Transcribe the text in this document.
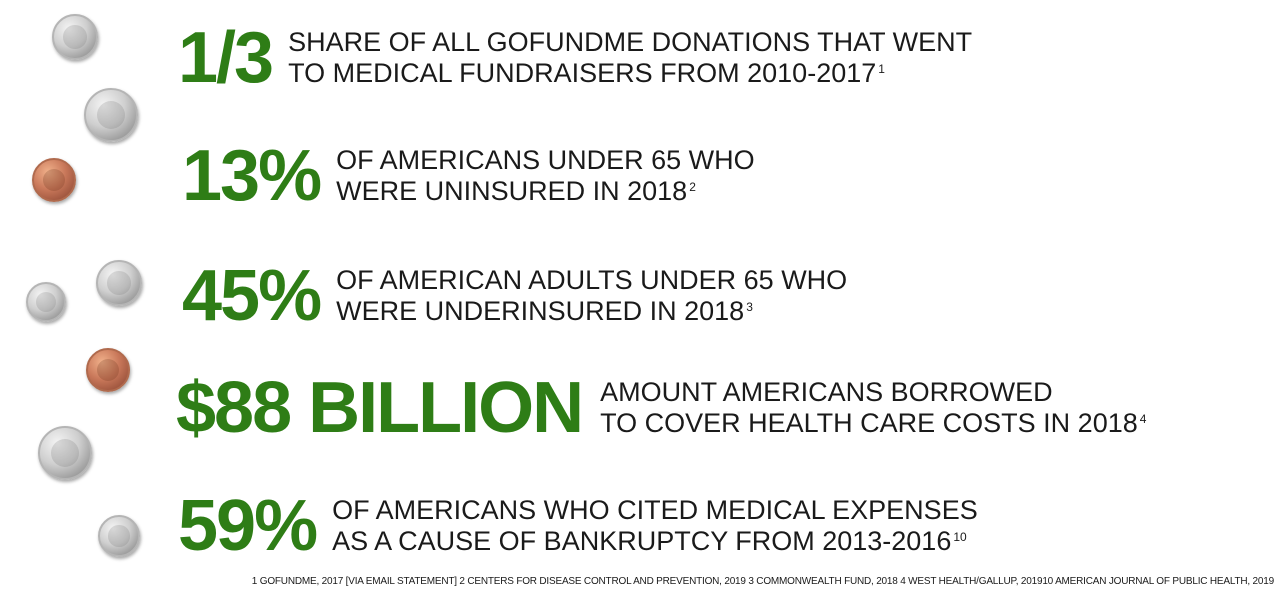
1/3 SHARE OF ALL GOFUNDME DONATIONS THAT WENT
TO MEDICAL FUNDRAISERS FROM 2010-2017 $^1$
13% OF AMERICANS UNDER 65 WHO
WERE UNINSURED IN 2018 $^2$
45% OF AMERICAN ADULTS UNDER 65 WHO
WERE UNDERINSURED IN 2018 $^3$
$88 BILLION AMOUNT AMERICANS BORROWED
TO COVER HEALTH CARE COSTS IN 2018 $^4$
59% OF AMERICANS WHO CITED MEDICAL EXPENSES
AS A CAUSE OF BANKRUPTCY FROM 2013-2016 $^{10}$
1 GOFUNDME, 2017 [VIA EMAIL STATEMENT] 2 CENTERS FOR DISEASE CONTROL AND PREVENTION, 2019 3 COMMONWEALTH FUND, 2018 4 WEST HEALTH/GALLUP, 201910 AMERICAN JOURNAL OF PUBLIC HEALTH, 2019
